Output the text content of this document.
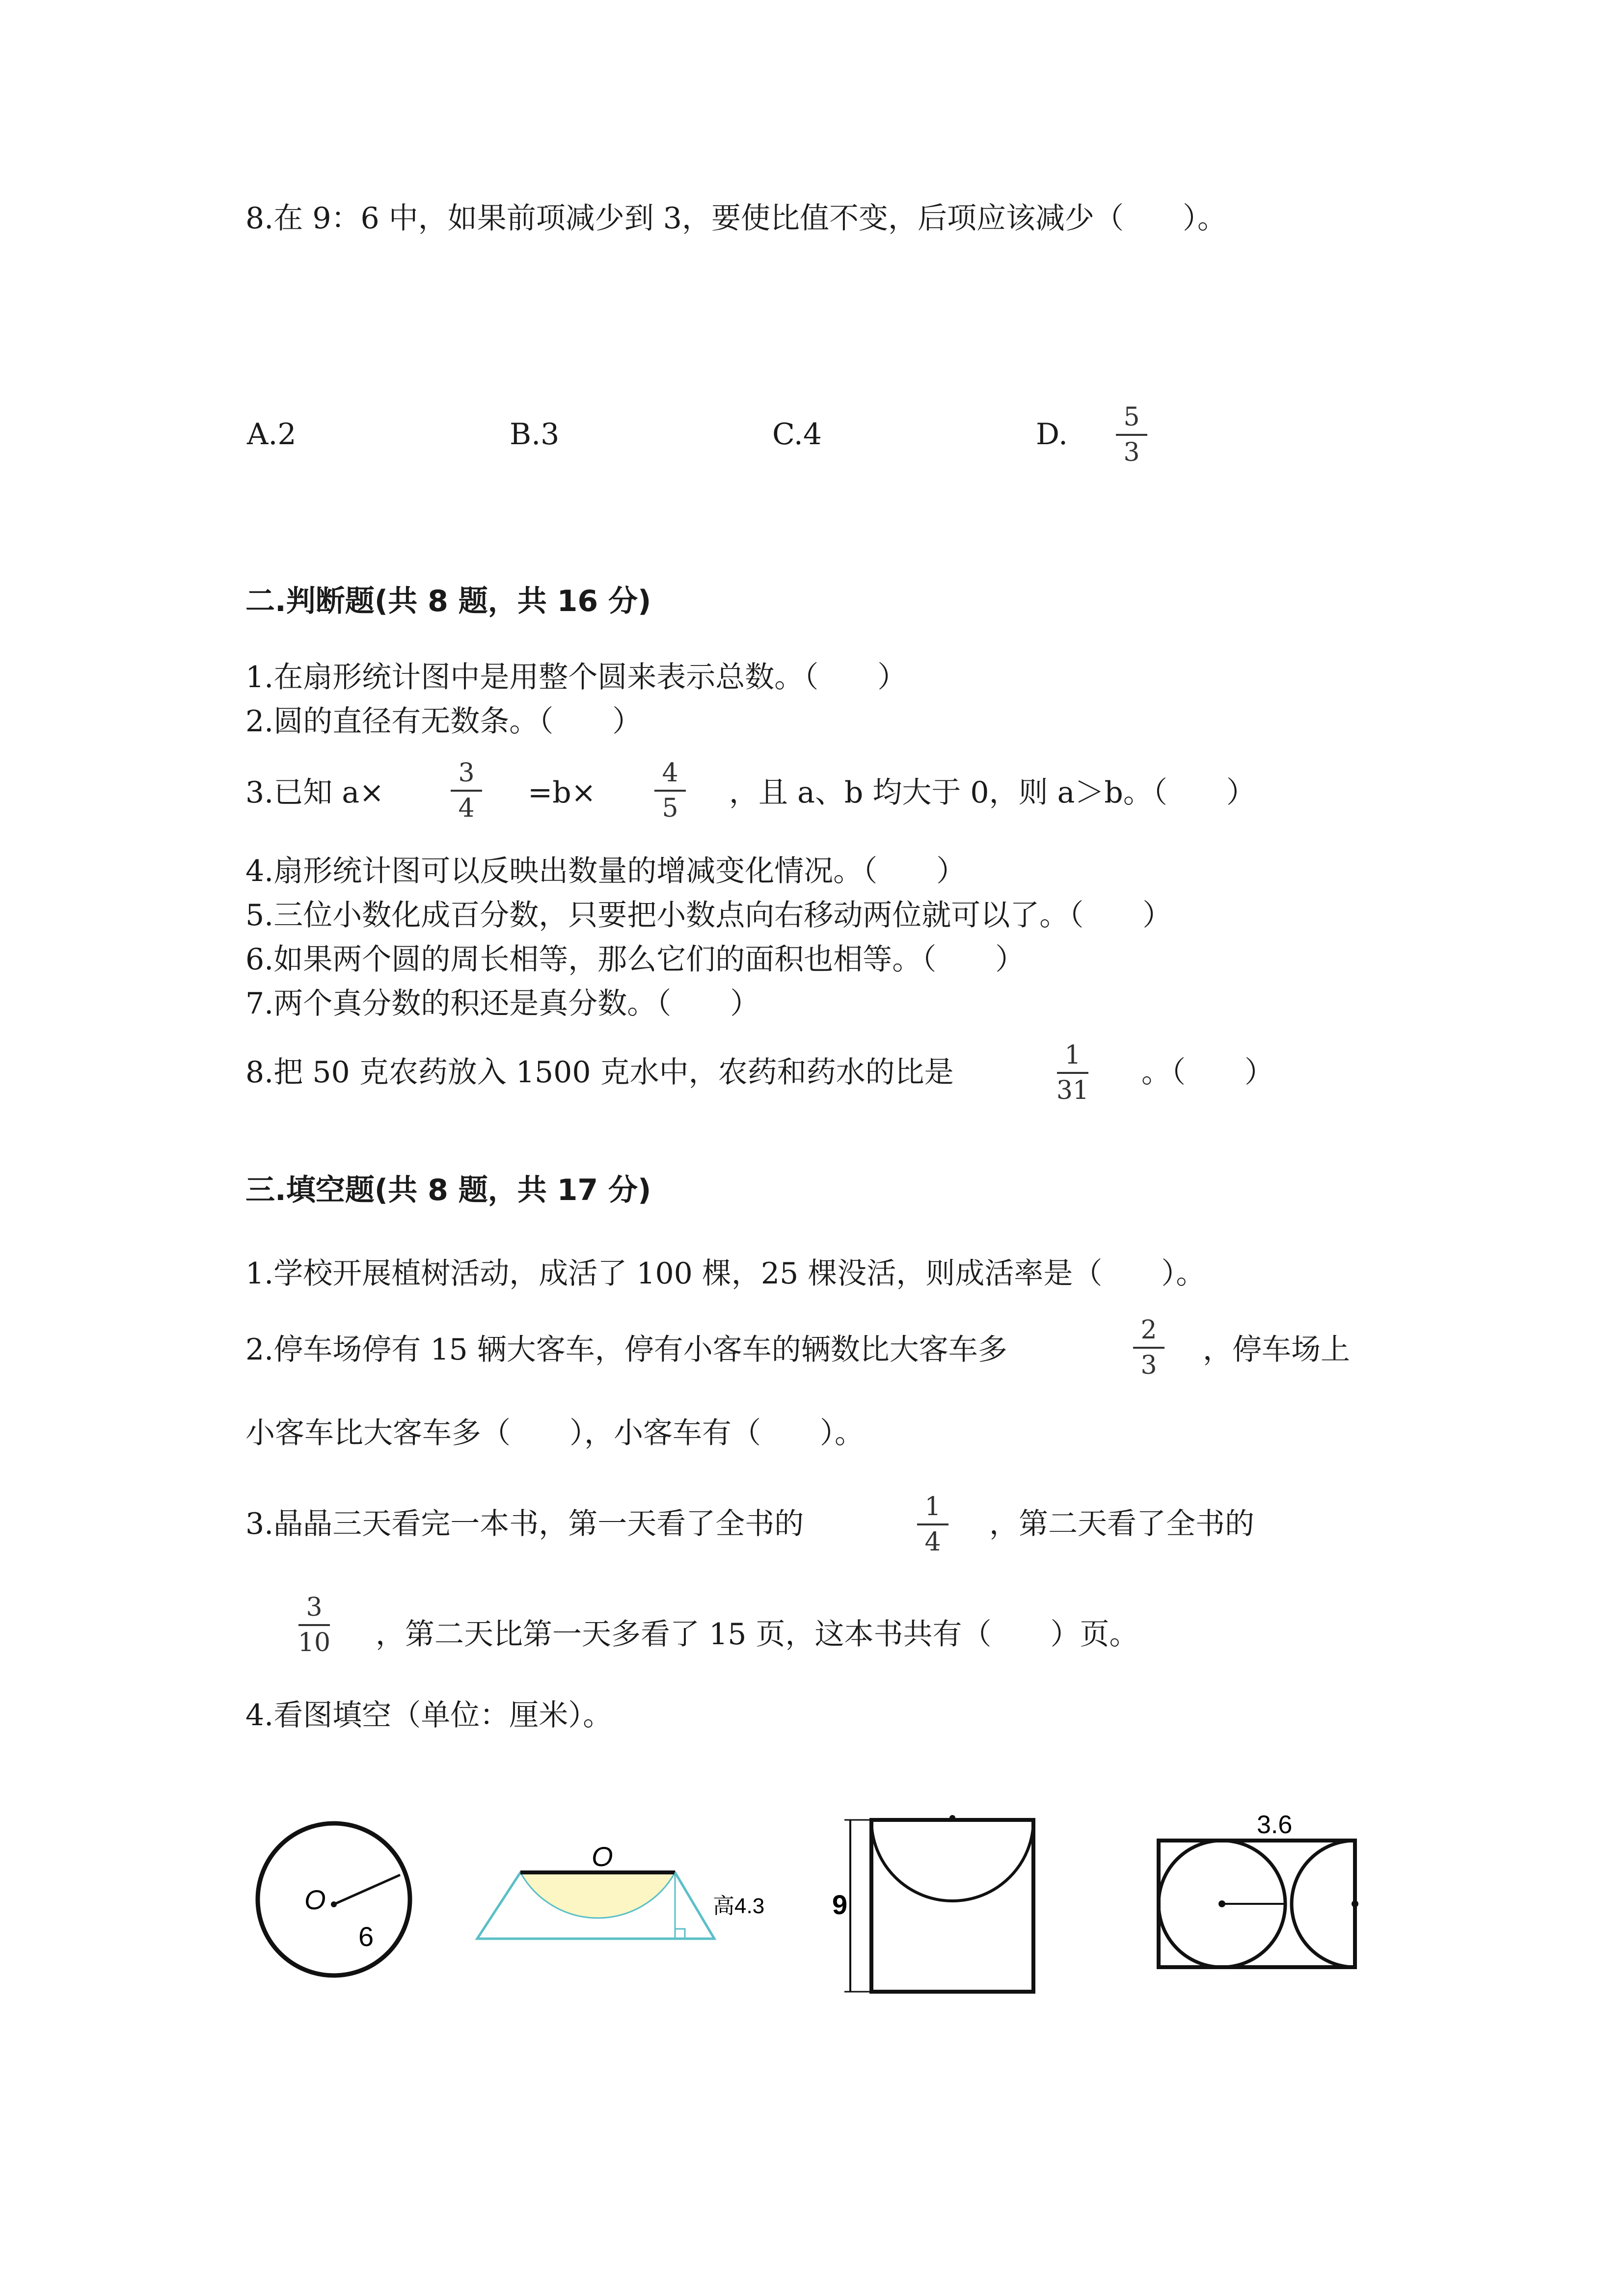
8.在 9：6 中，如果前项减少到 3，要使比值不变，后项应该减少（　　）。
A.2	B.3	C.4	D.	5
3
二.判断题(共 8 题，共 16 分)
1.在扇形统计图中是用整个圆来表示总数。（　　）
2.圆的直径有无数条。（　　）
3.已知 a×
3
4	=b×
4
5	，且 a、b 均大于 0，则 a＞b。（　　）
4.扇形统计图可以反映出数量的增减变化情况。（　　）
5.三位小数化成百分数，只要把小数点向右移动两位就可以了。（　　）
6.如果两个圆的周长相等，那么它们的面积也相等。（　　）
7.两个真分数的积还是真分数。（　　）
8.把 50 克农药放入 1500 克水中，农药和药水的比是	1
31
。（　　）
三.填空题(共 8 题，共 17 分)
1.学校开展植树活动，成活了 100 棵，25 棵没活，则成活率是（　　）。
2.停车场停有 15 辆大客车，停有小客车的辆数比大客车多
2
3	，停车场上
小客车比大客车多（　　），小客车有（　　）。
3.晶晶三天看完一本书，第一天看了全书的	1
4
，第二天看了全书的
3
10 ，第二天比第一天多看了 15 页，这本书共有（　　）页。
4.看图填空（单位：厘米）。
O
6
O
高4.3 9
3.6
